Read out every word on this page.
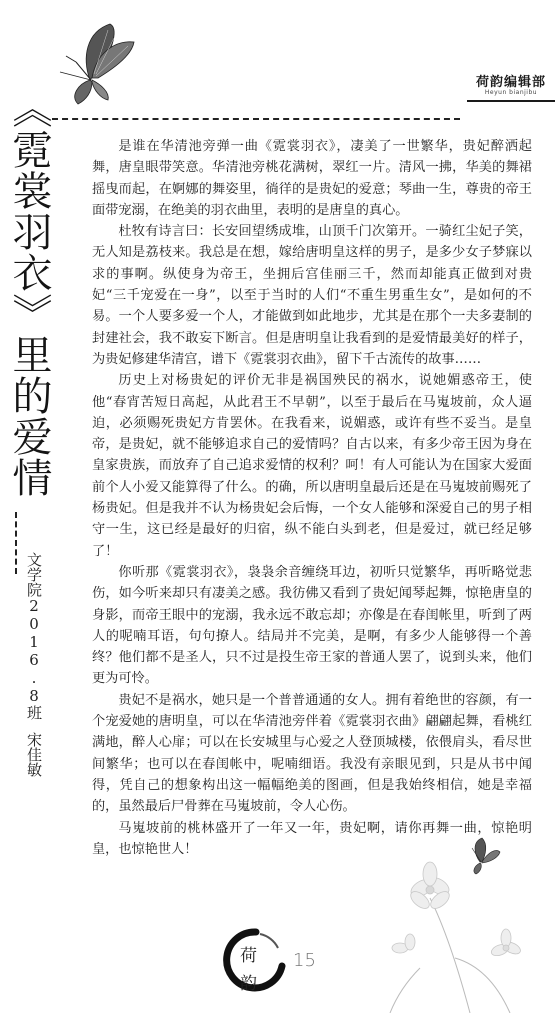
荷韵编辑部
Heyun bianjibu
《霓裳羽衣》里的爱情
文学院2016.8班宋佳敏

是谁在华清池旁弹一曲《霓裳羽衣》，凄美了一世繁华，贵妃醉洒起舞，唐皇眼带笑意。华清池旁桃花满树，翠红一片。清风一拂，华美的舞裙摇曳而起，在婀娜的舞姿里，徜徉的是贵妃的爱意；琴曲一生，尊贵的帝王面带宠溺，在绝美的羽衣曲里，表明的是唐皇的真心。

杜牧有诗言曰：长安回望绣成堆，山顶千门次第开。一骑红尘妃子笑，无人知是荔枝来。我总是在想，嫁给唐明皇这样的男子，是多少女子梦寐以求的事啊。纵使身为帝王，坐拥后宫佳丽三千，然而却能真正做到对贵妃“三千宠爱在一身”，以至于当时的人们“不重生男重生女”，是如何的不易。一个人要多爱一个人，才能做到如此地步，尤其是在那个一夫多妻制的封建社会，我不敢妄下断言。但是唐明皇让我看到的是爱情最美好的样子，为贵妃修建华清宫，谱下《霓裳羽衣曲》，留下千古流传的故事……

历史上对杨贵妃的评价无非是祸国殃民的祸水，说她媚惑帝王，使他“春宵苦短日高起，从此君王不早朝”，以至于最后在马嵬坡前，众人逼迫，必须赐死贵妃方肯罢休。在我看来，说媚惑，或许有些不妥当。是皇帝，是贵妃，就不能够追求自己的爱情吗？自古以来，有多少帝王因为身在皇家贵族，而放弃了自己追求爱情的权利？呵！有人可能认为在国家大爱面前个人小爱又能算得了什么。的确，所以唐明皇最后还是在马嵬坡前赐死了杨贵妃。但是我并不认为杨贵妃会后悔，一个女人能够和深爱自己的男子相守一生，这已经是最好的归宿，纵不能白头到老，但是爱过，就已经足够了！

你听那《霓裳羽衣》，袅袅余音缠绕耳边，初听只觉繁华，再听略觉悲伤，如今听来却只有凄美之感。我彷佛又看到了贵妃闻琴起舞，惊艳唐皇的身影，而帝王眼中的宠溺，我永远不敢忘却；亦像是在春闺帐里，听到了两人的呢喃耳语，句句撩人。结局并不完美，是啊，有多少人能够得一个善终？他们都不是圣人，只不过是投生帝王家的普通人罢了，说到头来，他们更为可怜。

贵妃不是祸水，她只是一个普普通通的女人。拥有着绝世的容颜，有一个宠爱她的唐明皇，可以在华清池旁伴着《霓裳羽衣曲》翩翩起舞，看桃红满地，醉人心扉；可以在长安城里与心爱之人登顶城楼，依偎肩头，看尽世间繁华；也可以在春闺帐中，呢喃细语。我没有亲眼见到，只是从书中闻得，凭自己的想象构出这一幅幅绝美的图画，但是我始终相信，她是幸福的，虽然最后尸骨葬在马嵬坡前，令人心伤。

马嵬坡前的桃林盛开了一年又一年，贵妃啊，请你再舞一曲，惊艳明皇，也惊艳世人！

荷
韵
15
